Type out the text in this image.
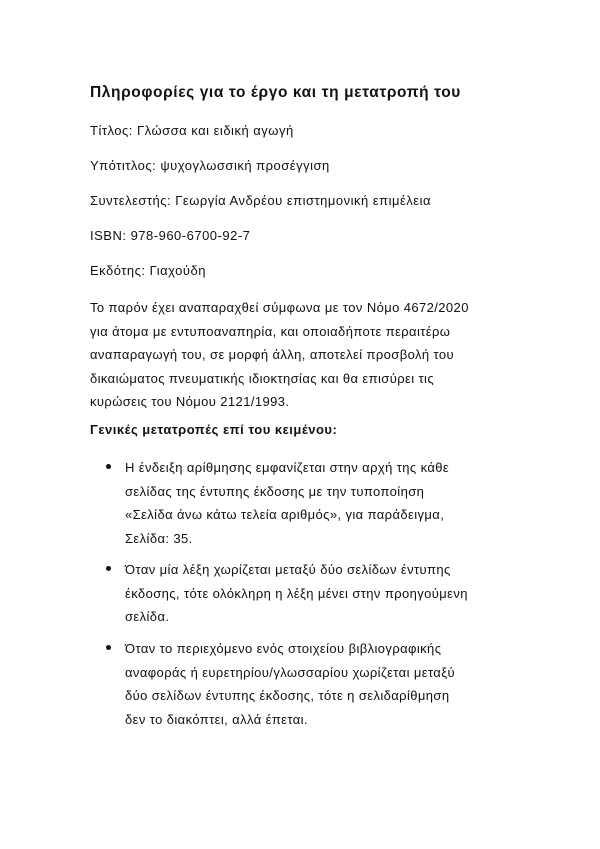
Πληροφορίες για το έργο και τη μετατροπή του

Τίτλος: Γλώσσα και ειδική αγωγή

Υπότιτλος: ψυχογλωσσική προσέγγιση

Συντελεστής: Γεωργία Ανδρέου επιστημονική επιμέλεια

ISBN: 978-960-6700-92-7

Εκδότης: Γιαχούδη

Το παρόν έχει αναπαραχθεί σύμφωνα με τον Νόμο 4672/2020
για άτομα με εντυποαναπηρία, και οποιαδήποτε περαιτέρω
αναπαραγωγή του, σε μορφή άλλη, αποτελεί προσβολή του
δικαιώματος πνευματικής ιδιοκτησίας και θα επισύρει τις
κυρώσεις του Νόμου 2121/1993.

Γενικές μετατροπές επί του κειμένου:
Η ένδειξη αρίθμησης εμφανίζεται στην αρχή της κάθε
σελίδας της έντυπης έκδοσης με την τυποποίηση
«Σελίδα άνω κάτω τελεία αριθμός», για παράδειγμα,
Σελίδα: 35.
Όταν μία λέξη χωρίζεται μεταξύ δύο σελίδων έντυπης
έκδοσης, τότε ολόκληρη η λέξη μένει στην προηγούμενη
σελίδα.
Όταν το περιεχόμενο ενός στοιχείου βιβλιογραφικής
αναφοράς ή ευρετηρίου/γλωσσαρίου χωρίζεται μεταξύ
δύο σελίδων έντυπης έκδοσης, τότε η σελιδαρίθμηση
δεν το διακόπτει, αλλά έπεται.
